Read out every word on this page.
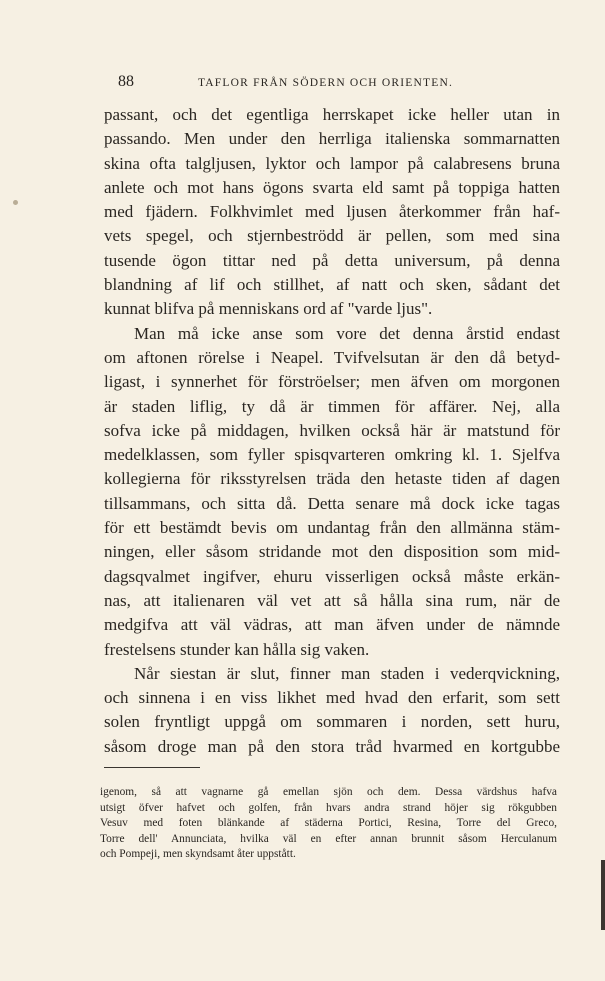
88	TAFLOR FRÅN SÖDERN OCH ORIENTEN.
passant, och det egentliga herrskapet icke heller utan in
passando. Men under den herrliga italienska sommarnatten
skina ofta talgljusen, lyktor och lampor på calabresens bruna
anlete och mot hans ögons svarta eld samt på toppiga hatten
med fjädern. Folkhvimlet med ljusen återkommer från haf-
vets spegel, och stjernbeströdd är pellen, som med sina
tusende ögon tittar ned på detta universum, på denna
blandning af lif och stillhet, af natt och sken, sådant det
kunnat blifva på menniskans ord af "varde ljus".
Man må icke anse som vore det denna årstid endast
om aftonen rörelse i Neapel. Tvifvelsutan är den då betyd-
ligast, i synnerhet för förströelser; men äfven om morgonen
är staden liflig, ty då är timmen för affärer. Nej, alla
sofva icke på middagen, hvilken också här är matstund för
medelklassen, som fyller spisqvarteren omkring kl. 1. Sjelfva
kollegierna för riksstyrelsen träda den hetaste tiden af dagen
tillsammans, och sitta då. Detta senare må dock icke tagas
för ett bestämdt bevis om undantag från den allmänna stäm-
ningen, eller såsom stridande mot den disposition som mid-
dagsqvalmet ingifver, ehuru visserligen också måste erkän-
nas, att italienaren väl vet att så hålla sina rum, när de
medgifva att väl vädras, att man äfven under de nämnde
frestelsens stunder kan hålla sig vaken.
Når siestan är slut, finner man staden i vederqvickning,
och sinnena i en viss likhet med hvad den erfarit, som sett
solen fryntligt uppgå om sommaren i norden, sett huru,
såsom droge man på den stora tråd hvarmed en kortgubbe
igenom, så att vagnarne gå emellan sjön och dem. Dessa värdshus hafva
utsigt öfver hafvet och golfen, från hvars andra strand höjer sig rökgubben
Vesuv med foten blänkande af städerna Portici, Resina, Torre del Greco,
Torre dell' Annunciata, hvilka väl en efter annan brunnit såsom Herculanum
och Pompeji, men skyndsamt åter uppstått.
